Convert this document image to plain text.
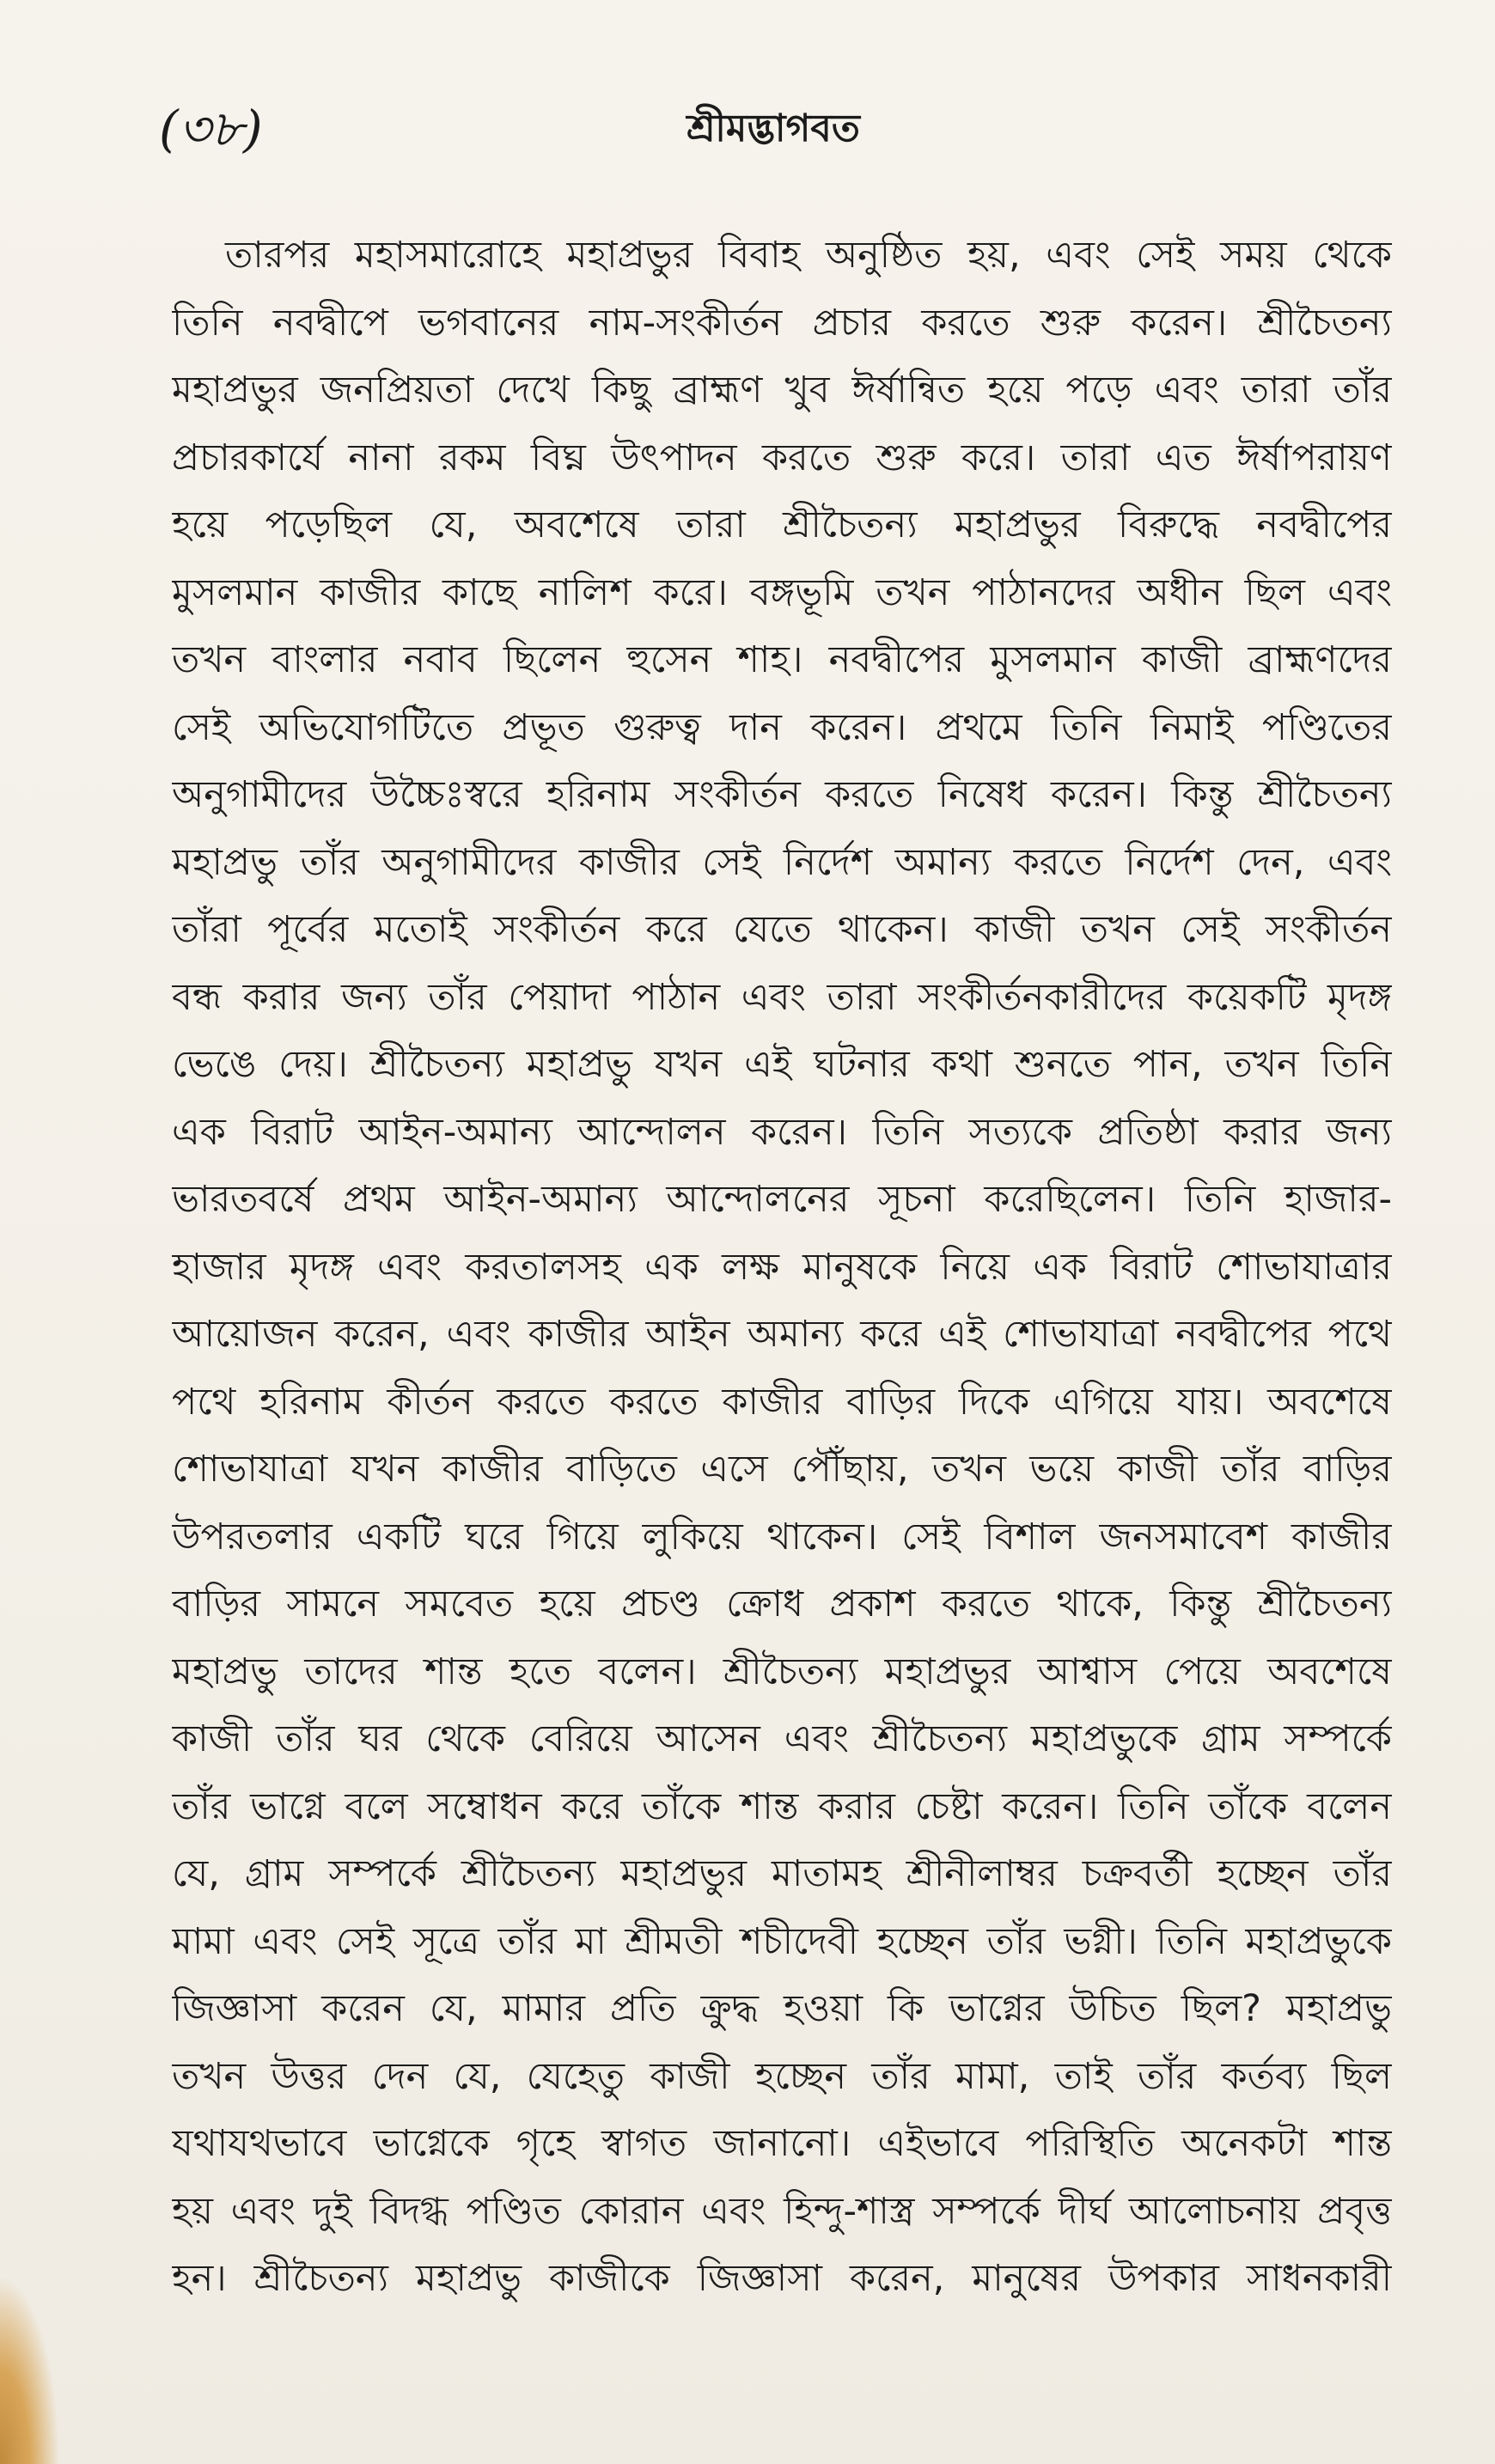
(৩৮)	শ্রীমদ্ভাগবত
তারপর মহাসমারোহে মহাপ্রভুর বিবাহ অনুষ্ঠিত হয়, এবং সেই সময় থেকে
তিনি নবদ্বীপে ভগবানের নাম-সংকীর্তন প্রচার করতে শুরু করেন। শ্রীচৈতন্য
মহাপ্রভুর জনপ্রিয়তা দেখে কিছু ব্রাহ্মণ খুব ঈর্ষান্বিত হয়ে পড়ে এবং তারা তাঁর
প্রচারকার্যে নানা রকম বিঘ্ন উৎপাদন করতে শুরু করে। তারা এত ঈর্ষাপরায়ণ
হয়ে পড়েছিল যে, অবশেষে তারা শ্রীচৈতন্য মহাপ্রভুর বিরুদ্ধে নবদ্বীপের
মুসলমান কাজীর কাছে নালিশ করে। বঙ্গভূমি তখন পাঠানদের অধীন ছিল এবং
তখন বাংলার নবাব ছিলেন হুসেন শাহ। নবদ্বীপের মুসলমান কাজী ব্রাহ্মণদের
সেই অভিযোগটিতে প্রভূত গুরুত্ব দান করেন। প্রথমে তিনি নিমাই পণ্ডিতের
অনুগামীদের উচ্চৈঃস্বরে হরিনাম সংকীর্তন করতে নিষেধ করেন। কিন্তু শ্রীচৈতন্য
মহাপ্রভু তাঁর অনুগামীদের কাজীর সেই নির্দেশ অমান্য করতে নির্দেশ দেন, এবং
তাঁরা পূর্বের মতোই সংকীর্তন করে যেতে থাকেন। কাজী তখন সেই সংকীর্তন
বন্ধ করার জন্য তাঁর পেয়াদা পাঠান এবং তারা সংকীর্তনকারীদের কয়েকটি মৃদঙ্গ
ভেঙে দেয়। শ্রীচৈতন্য মহাপ্রভু যখন এই ঘটনার কথা শুনতে পান, তখন তিনি
এক বিরাট আইন-অমান্য আন্দোলন করেন। তিনি সত্যকে প্রতিষ্ঠা করার জন্য
ভারতবর্ষে প্রথম আইন-অমান্য আন্দোলনের সূচনা করেছিলেন। তিনি হাজার-
হাজার মৃদঙ্গ এবং করতালসহ এক লক্ষ মানুষকে নিয়ে এক বিরাট শোভাযাত্রার
আয়োজন করেন, এবং কাজীর আইন অমান্য করে এই শোভাযাত্রা নবদ্বীপের পথে
পথে হরিনাম কীর্তন করতে করতে কাজীর বাড়ির দিকে এগিয়ে যায়। অবশেষে
শোভাযাত্রা যখন কাজীর বাড়িতে এসে পৌঁছায়, তখন ভয়ে কাজী তাঁর বাড়ির
উপরতলার একটি ঘরে গিয়ে লুকিয়ে থাকেন। সেই বিশাল জনসমাবেশ কাজীর
বাড়ির সামনে সমবেত হয়ে প্রচণ্ড ক্রোধ প্রকাশ করতে থাকে, কিন্তু শ্রীচৈতন্য
মহাপ্রভু তাদের শান্ত হতে বলেন। শ্রীচৈতন্য মহাপ্রভুর আশ্বাস পেয়ে অবশেষে
কাজী তাঁর ঘর থেকে বেরিয়ে আসেন এবং শ্রীচৈতন্য মহাপ্রভুকে গ্রাম সম্পর্কে
তাঁর ভাগ্নে বলে সম্বোধন করে তাঁকে শান্ত করার চেষ্টা করেন। তিনি তাঁকে বলেন
যে, গ্রাম সম্পর্কে শ্রীচৈতন্য মহাপ্রভুর মাতামহ শ্রীনীলাম্বর চক্রবর্তী হচ্ছেন তাঁর
মামা এবং সেই সূত্রে তাঁর মা শ্রীমতী শচীদেবী হচ্ছেন তাঁর ভগ্নী। তিনি মহাপ্রভুকে
জিজ্ঞাসা করেন যে, মামার প্রতি ক্রুদ্ধ হওয়া কি ভাগ্নের উচিত ছিল? মহাপ্রভু
তখন উত্তর দেন যে, যেহেতু কাজী হচ্ছেন তাঁর মামা, তাই তাঁর কর্তব্য ছিল
যথাযথভাবে ভাগ্নেকে গৃহে স্বাগত জানানো। এইভাবে পরিস্থিতি অনেকটা শান্ত
হয় এবং দুই বিদগ্ধ পণ্ডিত কোরান এবং হিন্দু-শাস্ত্র সম্পর্কে দীর্ঘ আলোচনায় প্রবৃত্ত
হন। শ্রীচৈতন্য মহাপ্রভু কাজীকে জিজ্ঞাসা করেন, মানুষের উপকার সাধনকারী
